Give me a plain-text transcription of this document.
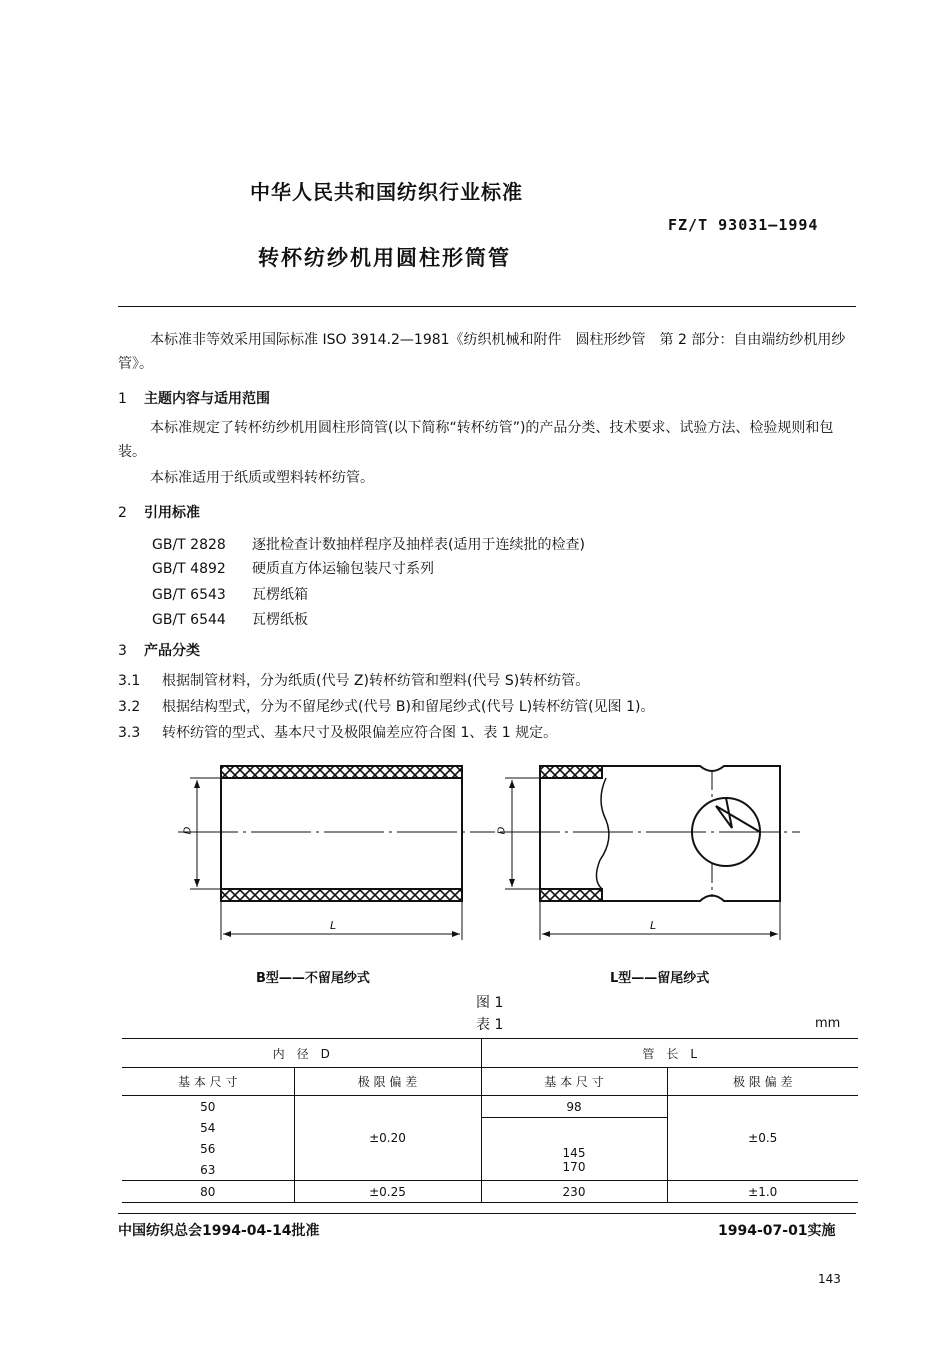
中华人民共和国纺织行业标准
FZ/T 93031—1994
转杯纺纱机用圆柱形筒管
本标准非等效采用国际标准 ISO 3914.2—1981《纺织机械和附件　圆柱形纱管　第 2 部分：自由端纺纱机用纱管》。
1 主题内容与适用范围
本标准规定了转杯纺纱机用圆柱形筒管(以下简称“转杯纺管”)的产品分类、技术要求、试验方法、检验规则和包装。
本标准适用于纸质或塑料转杯纺管。
2 引用标准
GB/T 2828 逐批检查计数抽样程序及抽样表(适用于连续批的检查)
GB/T 4892 硬质直方体运输包装尺寸系列
GB/T 6543 瓦楞纸箱
GB/T 6544 瓦楞纸板
3 产品分类
3.1 根据制管材料，分为纸质(代号 Z)转杯纺管和塑料(代号 S)转杯纺管。
3.2 根据结构型式，分为不留尾纱式(代号 B)和留尾纱式(代号 L)转杯纺管(见图 1)。
3.3 转杯纺管的型式、基本尺寸及极限偏差应符合图 1、表 1 规定。
D
L
D
L
B型——不留尾纱式	L型——留尾纱式
图 1
表 1	mm
内　径　D		管　长　L	
基 本 尺 寸	极 限 偏 差	基 本 尺 寸	极 限 偏 差
50	±0.20	98	±0.5
54		145	
56			
63		170	
80	±0.25	230	±1.0
中国纺织总会1994-04-14批准	1994-07-01实施
143
